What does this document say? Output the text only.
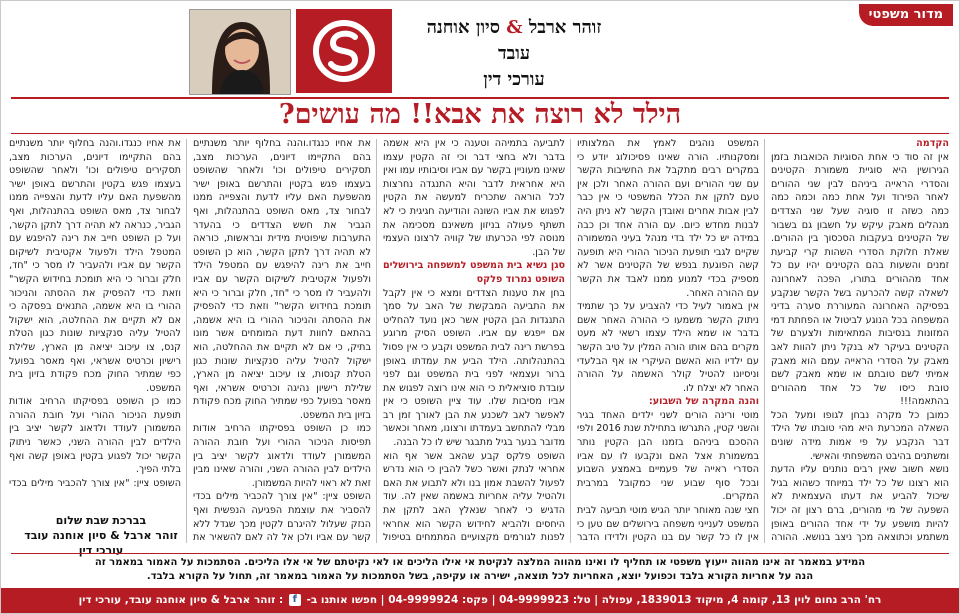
מדור משפטי
זוהר ארבל & סיון אוחנה עובד
עורכי דין
הילד לא רוצה את אבא!! מה עושים?

הקדמה

אין זה סוד כי אחת הסוגיות הכואבות בזמן הגירושין היא סוגיית משמורת הקטינים והסדרי הראייה ביניהם לבין שני ההורים לאחר הפירוד ועל אחת כמה וכמה כמה כמה כשזה זו סוגיה שעל שני הצדדים מנהלים מאבק עיקש על חשבון גם בשבור של הקטינים בעקבות הסכסוך בין ההורים. שאלת חלוקת הסדרי השהות קרי קביעת זמנים והשעות בהם הקטינים יהיו עם כל אחד מההורים בתורו, הפכה לאחרונה לשאלה קשה להכרעה בשל הקשר שנקבע בפסיקה האחרונה המעוררת סערה בדיני המשפחה בכל הנוגע לביטול או הפחתת דמי המזונות בנסיבות המתאימות ולצערם של הקטינים בעיקר לא בנקל ניתן להוות לאב מאבק על הסדרי הראייה עמם הוא מאבק אמיתי לשם טובתם או שמא מאבק לשם טובת כיסו של כל אחד מההורים בהתאמה!!!

כמובן כל מקרה נבחן לגופו ומעל הכל השאלה המכרעת היא מהי טובתו של הילד דבר הנקבע על פי אמות מידה שונים ומשתנים בהיבט המשפחתי והאישי.

נושא חשוב שאין רבים נותנים עליו הדעת הוא רצונו של כל ילד במיוחד כשהוא בגיל שיכול להביע את דעתו העצמאית לא השפעה של מי מהורים, ברם רצון זה יכול להיות מושפע על ידי אחד ההורים באופן משתמע וכתוצאה מכך ניצב בנושא. ההורה

המשפט נוהגים לאמץ את המלצותיו ומסקנותיו. הורה שאינו פסיכולוג יודע כי במקרים רבים מתקבל את החשיבות הקשר עם שני ההורים ועם ההורה האחר ולכן אין טעם לתקן את הכלל המשפטי כי אין כבר לבין אבות אחרים ואובדן הקשר לא ניתן היה לבנות מחדש כיום. עם הורה אחד וכן כבה במידה יש כל ילד בדי מנהל בעיני המשמורה שקיים לגבי תופעת הניכור ההורי היא תופעה קשה הפוגעת בנפש של הקטינים אשר לא מספיק בכדי למנוע ממנו לאבד את הקשר עם ההורה האחר.

אין באמור לעיל כדי להצביע על כך שתמיד ניתוק הקשר משמעו כי ההורה האחר אשם בדבר או שמא הילד עצמו רשאי לא מעט מקרים בהם אותו הורה המלין על טיב הקשר עם ילדיו הוא האשם העיקרי או אף הבלעדי וניסיונו להטיל קולר האשמה על ההורה האחר לא יצלח לו.

והנה המקרה של השבוע:

מוטי ורינה הורים לשני ילדים האחד בגיר והשני קטין, התגרשו בתחילת שנת 2016 ולפי ההסכם ביניהם בזמנו הבן הקטין נותר במשמורת אצל האם ונקבעו לו עם אביו הסדרי ראייה של פעמיים באמצע השבוע ובכל סוף שבוע שני כמקובל במרבית המקרים.

חצי שנה מאוחר יותר הגיש מוטי תביעה לבית המשפט לענייני משפחה בירושלים שם טען כי אין לו כל קשר עם בנו הקטין ולדידו הדבר

לתביעה בתמיהה וטענה כי אין היא אשמה בדבר ולא בחצי דבר וכי זה הקטין עצמו שאינו מעוניין בקשר עם אביו וסיבותיו עמו ואין היא אחראית לדבר והיא התנגדה נחרצות לכל הוראה שתכריח למעשה את הקטין לפגוש את אביו השונה והודיעה חגיגית כי לא תשתף פעולה בניזון משאינם מסכימה את מנוסה לפי הכרעתו של קוויה לרצונו העצמי של הבן.

סגן נשיא בית המשפט למשפחה בירושלים השופט נמרוד פלקס

בחן את טענות הצדדים ומצא כי אין לקבל את התביעה המבקשת של האב על סמך התנגדות הבן הקטין אשר כאן נועד להחליט אם ייפגש עם אביו. השופט הסיק מרוגע בפרשת רינה לבית המשפט וקבע כי אין פסול בהתנהלותה. הילד הביע את עמדתו באופן ברור ועצמאי לפני בית המשפט וגם לפני עובדת סוציאלית כי הוא אינו רוצה לפגוש את אביו מסיבות שלו. עוד ציין השופט כי אין לאפשר לאב לשכנע את הבן לאורך זמן רב מבלי להתחשב בעמדתו ורצונו, מאחר וכאשר מדובר בנער בגיל מתבגר שיש לו כל הבנה.

השופט פלקס קבע שהאב אשר אף הוא אחראי לנתק ואשר כשל להבין כי הוא נדרש לפעול להשבת אמון בנו ולא לתבוע את האם ולהטיל עליה אחריות באשמה שאין לה. עוד הדגיש כי לאחר שנאלץ האב לתקן את היחסים ולהביא לחידוש הקשר הוא אחראי לפנות לגורמים מקצועיים המתמחים בטיפול

את אחיו כנגדו.והנה בחלוף יותר משנתיים בהם התקיימו דיונים, הערכות מצב, תסקירים טיפולים וכו' ולאחר שהשופט בעצמו פגש בקטין והתרשם באופן ישיר מהשפעת האם עליו לדעת והצפייה ממנו לבחור צד, מאס השופט בהתנהלות, ואף הגביר את חשש הצדדים כי בהעדר התערבות שיפוטית מידית ובראשות, כוראה לא תהיה דרך לתקן הקשר, הוא כן השופט חייב את רינה להיפגש עם המטפל הילד ולפעול אקטיבית לשיקום הקשר עם אביו ולהעביר לו מסר כי "חד, חלק וברור כי היא תומכת בחידוש הקשר" וזאת כדי להפסיק את ההסתה והניכור ההורי בו היא אשמה, בהתאם לחוות דעת המומחים אשר מונו בתיק, כי אם לא תקיים את ההחלטה, הוא ישקול להטיל עליה סנקציות שונות כגון הטלת קנסות, צו עיכוב יציאה מן הארץ, שלילת רישיון נהיגה וכרטיס אשראי, ואף מאסר בפועל כפי שמתיר החוק מכח פקודת בזיון בית המשפט.

כמו כן השופט בפסיקתו הרחיב אודות תפיסות הניכור ההורי ועל חובת ההורה המשמורן לעודד ולדאוג לקשר יציב בין הילדים לבין ההורה השני, והורה שאינו מבין זאת לא ראוי להיות המשמורן.

השופט ציין: "אין צורך להכביר מילים בכדי להסביר את עוצמת הפגיעה הנפשית ואף הנזק שעלול להיגרם לקטין מכך שגדל ללא קשר עם אביו ולכן אל לה לאם להשאיר את

את אחיו כנגדו.והנה בחלוף יותר משנתיים בהם התקיימו דיונים, הערכות מצב, תסקירים טיפולים וכו' ולאחר שהשופט בעצמו פגש בקטין והתרשם באופן ישיר מהשפעת האם עליו לדעת והצפייה ממנו לבחור צד, מאס השופט בהתנהלות, ואף הגביר, כנראה לא תהיה דרך לתקן הקשר, ועל כן השופט חייב את רינה להיפגש עם המטפל הילד ולפעול אקטיבית לשיקום הקשר עם אביו ולהעביר לו מסר כי "חד, חלק וברור כי היא תומכת בחידוש הקשר" וזאת כדי להפסיק את ההסתה והניכור ההורי בו היא אשמה, התנאים בפסקה כי אם לא תקיים את ההחלטה, הוא ישקול להטיל עליה סנקציות שונות כגון הטלת קנס, צו עיכוב יציאה מן הארץ, שלילת רישיון וכרטיס אשראי, ואף מאסר בפועל כפי שמתיר החוק מכח פקודת בזיון בית המשפט.

כמו כן השופט בפסיקתו הרחיב אודות תופעת הניכור ההורי ועל חובת ההורה המשמורן לעודד ולדאוג לקשר יציב בין הילדים לבין ההורה השני, כאשר ניתוק הקשר יכול לפגוע בקטין באופן קשה ואף בלתי הפיך.

השופט ציין: "אין צורך להכביר מילים בכדי

בברכת שבת שלום
זוהר ארבל & סיון אוחנה עובד עורכי דין
המידע במאמר זה אינו מהווה ייעוץ משפטי או תחליף לו ואינו מהווה המלצה לנקיטת אי אילו הליכים או לאי נקיטתם של אי אלו הליכים. הסתמכות על האמור במאמר זה
הנה על אחריות הקורא בלבד וכפועל יוצא, האחריות לכל תוצאה, ישירה או עקיפה, בשל הסתמכות על האמור במאמר זה, תחול על הקורא בלבד.
רח' הרב נחום לוין 13, קומה 4, מיקוד 1839013, עפולה | טל: 04-9999923 | פקס: 04-9999924 | חפשו אותנו ב- f : זוהר ארבל & סיון אוחנה עובד, עורכי דין
